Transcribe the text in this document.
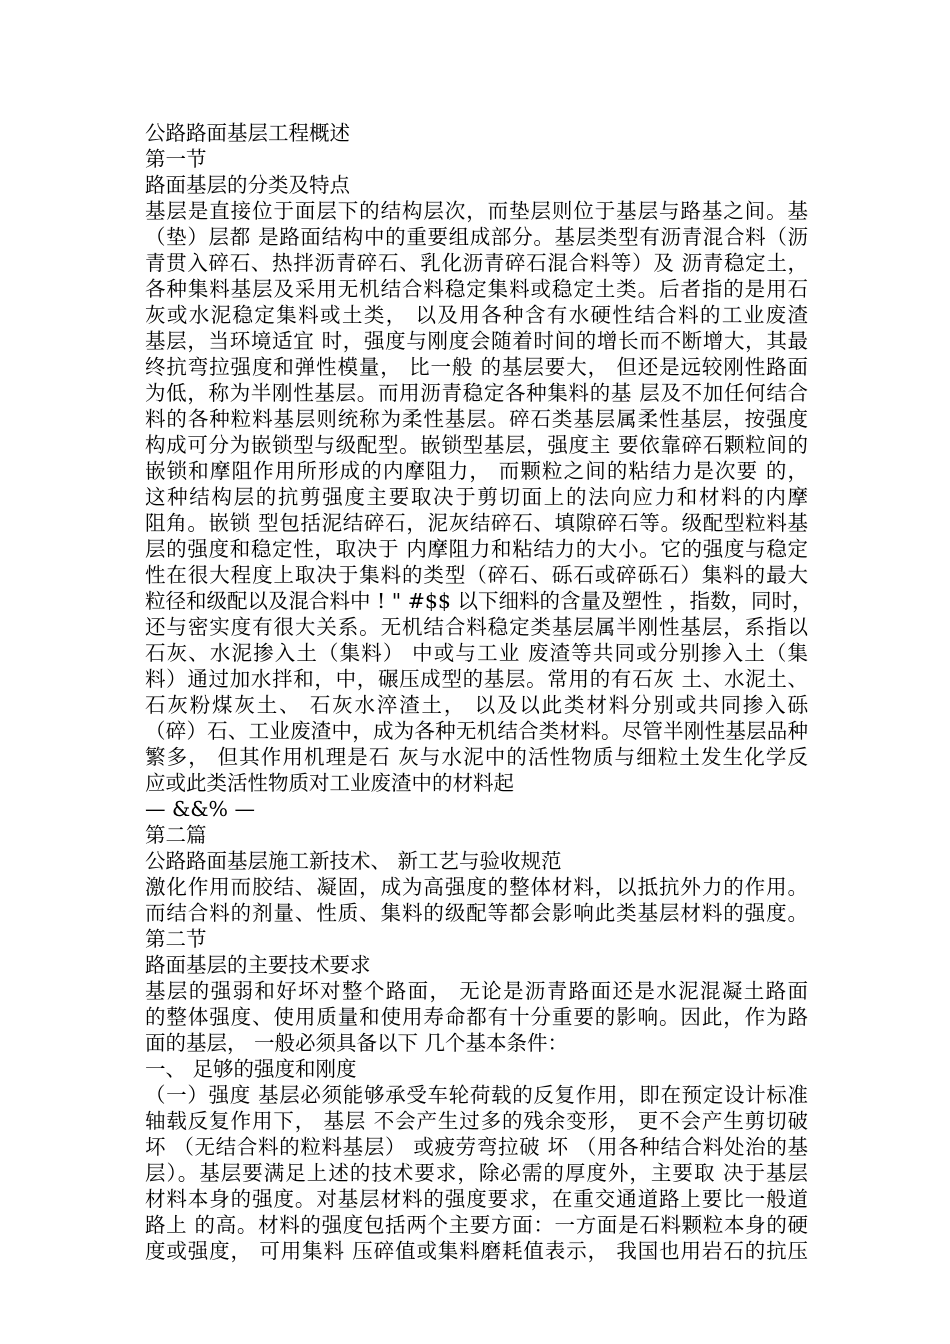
公路路面基层工程概述
第一节
路面基层的分类及特点
基层是直接位于面层下的结构层次，而垫层则位于基层与路基之间。基
（垫）层都 是路面结构中的重要组成部分。基层类型有沥青混合料（沥
青贯入碎石、热拌沥青碎石、乳化沥青碎石混合料等）及 沥青稳定土，
各种集料基层及采用无机结合料稳定集料或稳定土类。后者指的是用石
灰或水泥稳定集料或土类， 以及用各种含有水硬性结合料的工业废渣
基层，当环境适宜 时，强度与刚度会随着时间的增长而不断增大，其最
终抗弯拉强度和弹性模量， 比一般 的基层要大， 但还是远较刚性路面
为低，称为半刚性基层。而用沥青稳定各种集料的基 层及不加任何结合
料的各种粒料基层则统称为柔性基层。碎石类基层属柔性基层，按强度
构成可分为嵌锁型与级配型。嵌锁型基层，强度主 要依靠碎石颗粒间的
嵌锁和摩阻作用所形成的内摩阻力， 而颗粒之间的粘结力是次要 的，
这种结构层的抗剪强度主要取决于剪切面上的法向应力和材料的内摩
阻角。嵌锁 型包括泥结碎石，泥灰结碎石、填隙碎石等。级配型粒料基
层的强度和稳定性，取决于 内摩阻力和粘结力的大小。它的强度与稳定
性在很大程度上取决于集料的类型（碎石、砾石或碎砾石）集料的最大
粒径和级配以及混合料中 ! " #$$ 以下细料的含量及塑性 ，指数，同时，
还与密实度有很大关系。无机结合料稳定类基层属半刚性基层，系指以
石灰、水泥掺入土（集料） 中或与工业 废渣等共同或分别掺入土（集
料）通过加水拌和，中，碾压成型的基层。常用的有石灰 土、水泥土、
石灰粉煤灰土、 石灰水淬渣土， 以及以此类材料分别或共同掺入砾
（碎）石、工业废渣中，成为各种无机结合类材料。尽管半刚性基层品种
繁多， 但其作用机理是石 灰与水泥中的活性物质与细粒土发生化学反
应或此类活性物质对工业废渣中的材料起
— &&% —
第二篇
公路路面基层施工新技术、 新工艺与验收规范
激化作用而胶结、凝固，成为高强度的整体材料，以抵抗外力的作用。
而结合料的剂量、性质、集料的级配等都会影响此类基层材料的强度。
第二节
路面基层的主要技术要求
基层的强弱和好坏对整个路面， 无论是沥青路面还是水泥混凝土路面
的整体强度、使用质量和使用寿命都有十分重要的影响。因此，作为路
面的基层， 一般必须具备以下 几个基本条件：
一、 足够的强度和刚度
（一）强度 基层必须能够承受车轮荷载的反复作用，即在预定设计标准
轴载反复作用下， 基层 不会产生过多的残余变形， 更不会产生剪切破
坏 （无结合料的粒料基层） 或疲劳弯拉破 坏 （用各种结合料处治的基
层）。基层要满足上述的技术要求，除必需的厚度外，主要取 决于基层
材料本身的强度。对基层材料的强度要求，在重交通道路上要比一般道
路上 的高。材料的强度包括两个主要方面：一方面是石料颗粒本身的硬
度或强度， 可用集料 压碎值或集料磨耗值表示， 我国也用岩石的抗压
